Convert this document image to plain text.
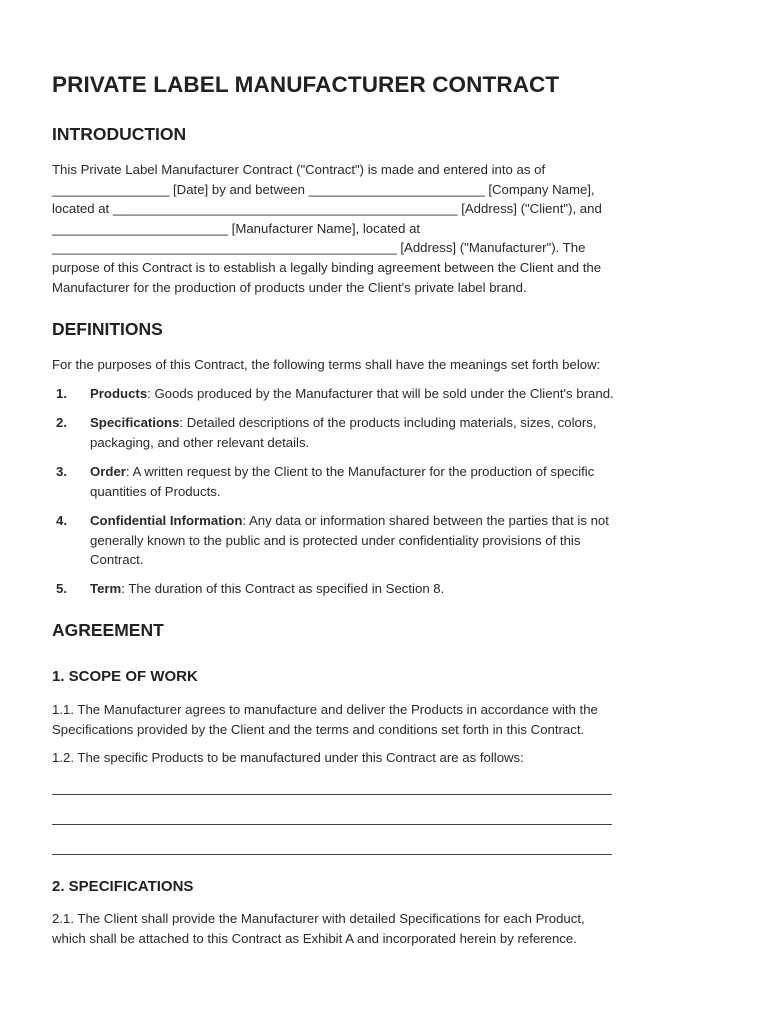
PRIVATE LABEL MANUFACTURER CONTRACT
INTRODUCTION
This Private Label Manufacturer Contract ("Contract") is made and entered into as of
________________ [Date] by and between ________________________ [Company Name],
located at _______________________________________________ [Address] ("Client"), and
________________________ [Manufacturer Name], located at
_______________________________________________ [Address] ("Manufacturer"). The
purpose of this Contract is to establish a legally binding agreement between the Client and the
Manufacturer for the production of products under the Client's private label brand.
DEFINITIONS

For the purposes of this Contract, the following terms shall have the meanings set forth below:

1. Products: Goods produced by the Manufacturer that will be sold under the Client's brand.
2. Specifications: Detailed descriptions of the products including materials, sizes, colors,
packaging, and other relevant details.
3. Order: A written request by the Client to the Manufacturer for the production of specific
quantities of Products.
4. Confidential Information: Any data or information shared between the parties that is not
generally known to the public and is protected under confidentiality provisions of this
Contract.
5. Term: The duration of this Contract as specified in Section 8.
AGREEMENT
1. SCOPE OF WORK
1.1. The Manufacturer agrees to manufacture and deliver the Products in accordance with the
Specifications provided by the Client and the terms and conditions set forth in this Contract.

1.2. The specific Products to be manufactured under this Contract are as follows:

2. SPECIFICATIONS
2.1. The Client shall provide the Manufacturer with detailed Specifications for each Product,
which shall be attached to this Contract as Exhibit A and incorporated herein by reference.
